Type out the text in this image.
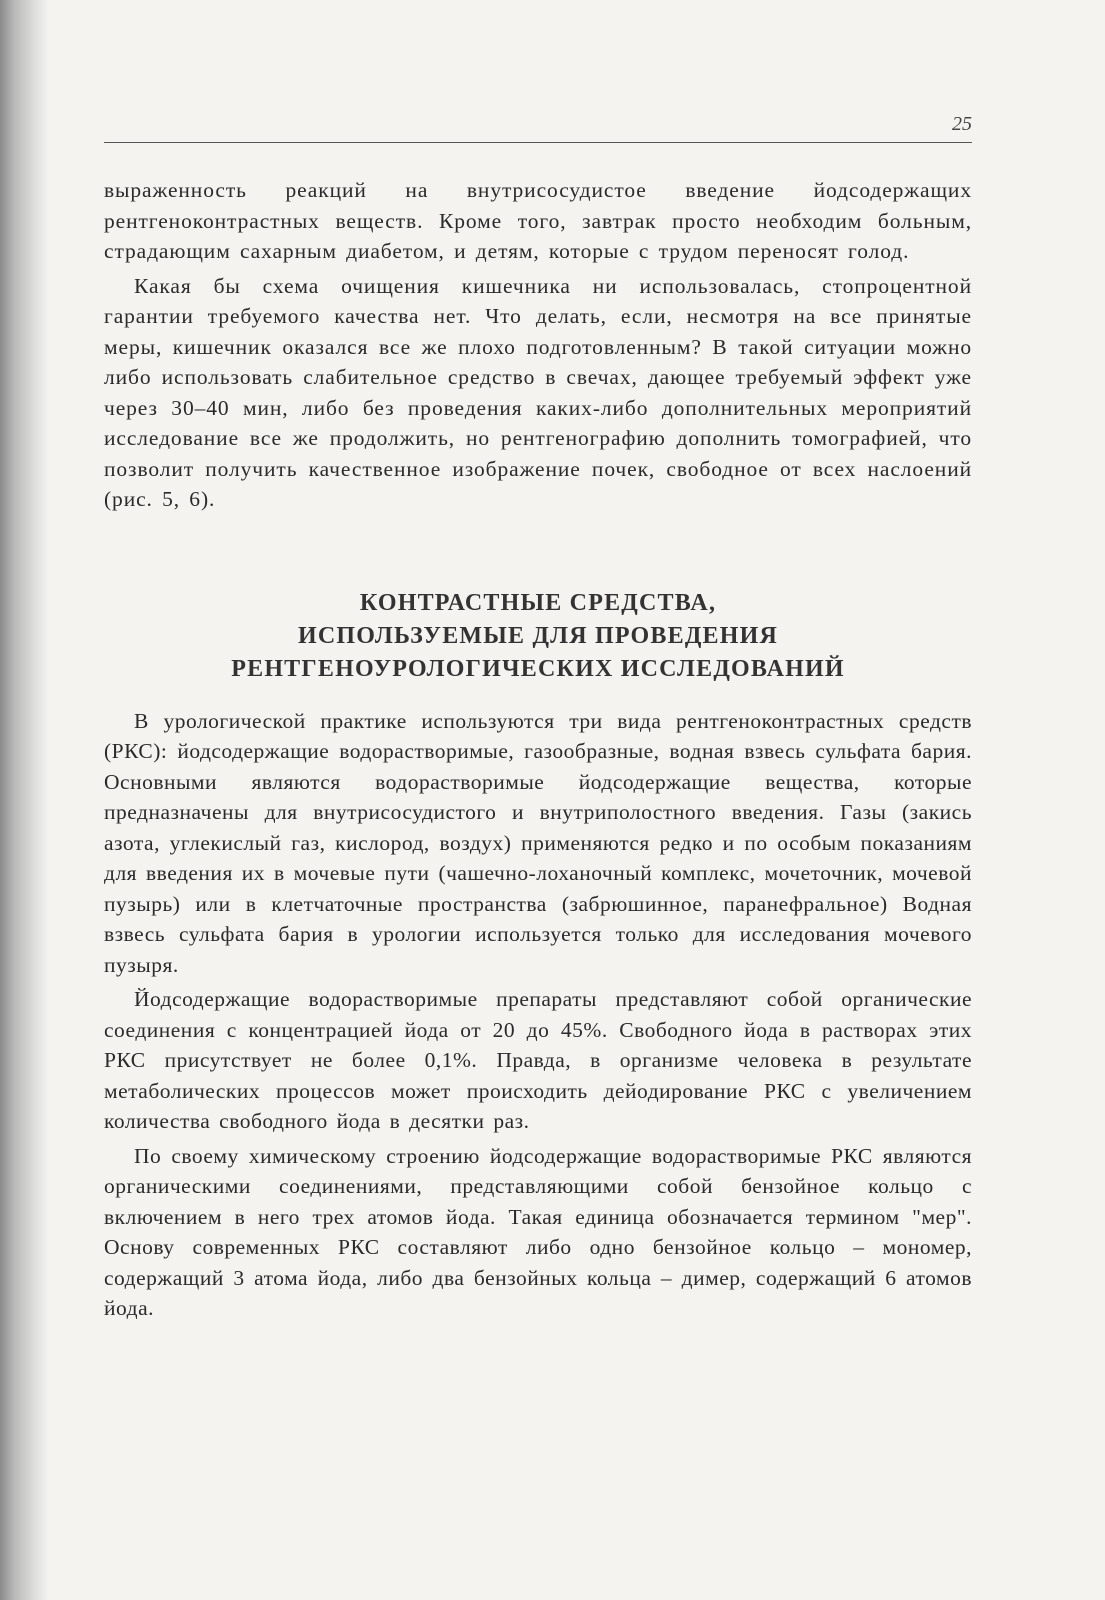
25

выраженность реакций на внутрисосудистое введение йодсодержащих рентгеноконтрастных веществ. Кроме того, завтрак просто необходим больным, страдающим сахарным диабетом, и детям, которые с трудом переносят голод.

Какая бы схема очищения кишечника ни использовалась, стопроцентной гарантии требуемого качества нет. Что делать, если, несмотря на все принятые меры, кишечник оказался все же плохо подготовленным? В такой ситуации можно либо использовать слабительное средство в свечах, дающее требуемый эффект уже через 30–40 мин, либо без проведения каких-либо дополнительных мероприятий исследование все же продолжить, но рентгенографию дополнить томографией, что позволит получить качественное изображение почек, свободное от всех наслоений (рис. 5, 6).

КОНТРАСТНЫЕ СРЕДСТВА,
ИСПОЛЬЗУЕМЫЕ ДЛЯ ПРОВЕДЕНИЯ
РЕНТГЕНОУРОЛОГИЧЕСКИХ ИССЛЕДОВАНИЙ

В урологической практике используются три вида рентгеноконтрастных средств (РКС): йодсодержащие водорастворимые, газообразные, водная взвесь сульфата бария. Основными являются водорастворимые йодсодержащие вещества, которые предназначены для внутрисосудистого и внутриполостного введения. Газы (закись азота, углекислый газ, кислород, воздух) применяются редко и по особым показаниям для введения их в мочевые пути (чашечно-лоханочный комплекс, мочеточник, мочевой пузырь) или в клетчаточные пространства (забрюшинное, паранефральное) Водная взвесь сульфата бария в урологии используется только для исследования мочевого пузыря.

Йодсодержащие водорастворимые препараты представляют собой органические соединения с концентрацией йода от 20 до 45%. Свободного йода в растворах этих РКС присутствует не более 0,1%. Правда, в организме человека в результате метаболических процессов может происходить дейодирование РКС с увеличением количества свободного йода в десятки раз.

По своему химическому строению йодсодержащие водорастворимые РКС являются органическими соединениями, представляющими собой бензойное кольцо с включением в него трех атомов йода. Такая единица обозначается термином "мер". Основу современных РКС составляют либо одно бензойное кольцо – мономер, содержащий 3 атома йода, либо два бензойных кольца – димер, содержащий 6 атомов йода.
